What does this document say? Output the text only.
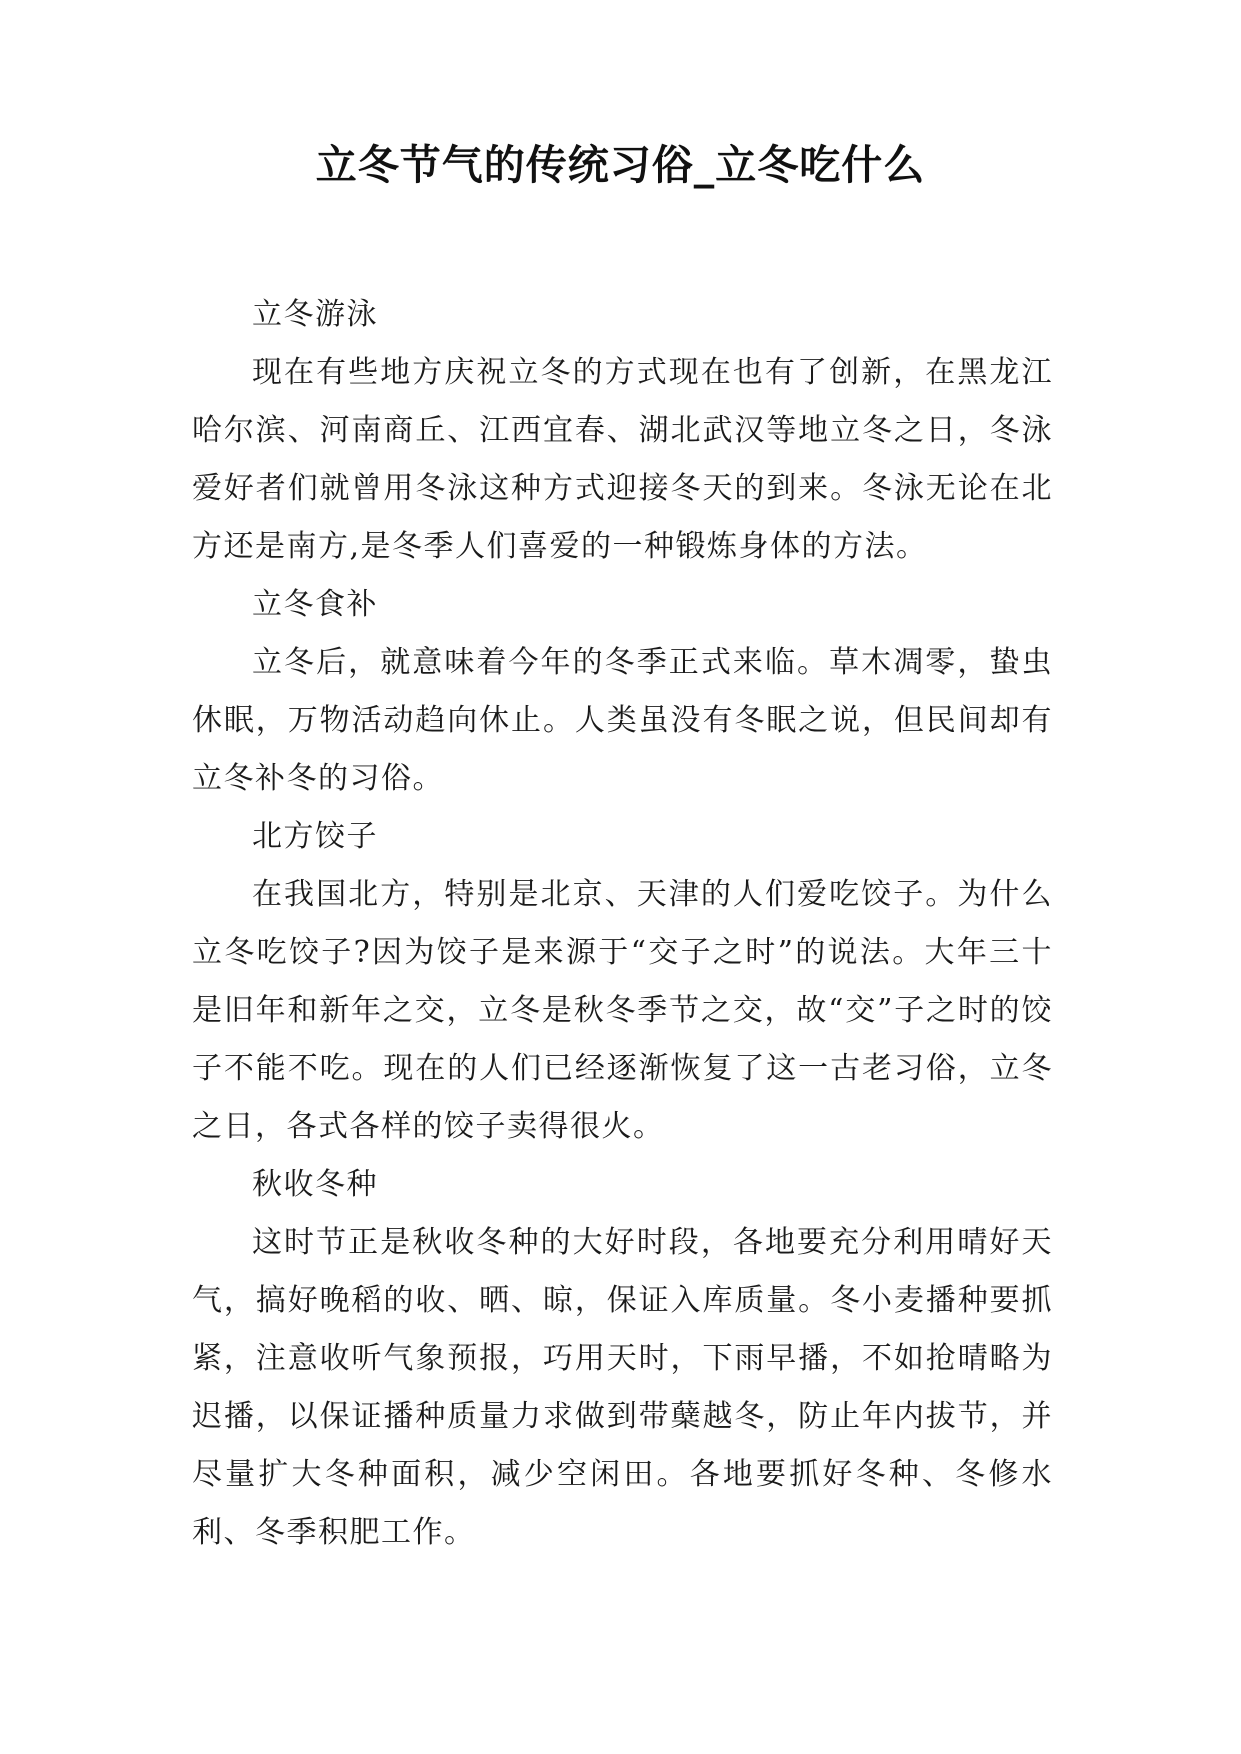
立冬节气的传统习俗_立冬吃什么

立冬游泳

现在有些地方庆祝立冬的方式现在也有了创新，在黑龙江哈尔滨、河南商丘、江西宜春、湖北武汉等地立冬之日，冬泳爱好者们就曾用冬泳这种方式迎接冬天的到来。冬泳无论在北方还是南方,是冬季人们喜爱的一种锻炼身体的方法。

立冬食补

立冬后，就意味着今年的冬季正式来临。草木凋零，蛰虫休眠，万物活动趋向休止。人类虽没有冬眠之说，但民间却有立冬补冬的习俗。

北方饺子

在我国北方，特别是北京、天津的人们爱吃饺子。为什么立冬吃饺子?因为饺子是来源于“交子之时”的说法。大年三十是旧年和新年之交，立冬是秋冬季节之交，故“交”子之时的饺子不能不吃。现在的人们已经逐渐恢复了这一古老习俗，立冬之日，各式各样的饺子卖得很火。

秋收冬种

这时节正是秋收冬种的大好时段，各地要充分利用晴好天气，搞好晚稻的收、晒、晾，保证入库质量。冬小麦播种要抓紧，注意收听气象预报，巧用天时，下雨早播，不如抢晴略为迟播，以保证播种质量力求做到带蘖越冬，防止年内拔节，并尽量扩大冬种面积，减少空闲田。各地要抓好冬种、冬修水利、冬季积肥工作。
